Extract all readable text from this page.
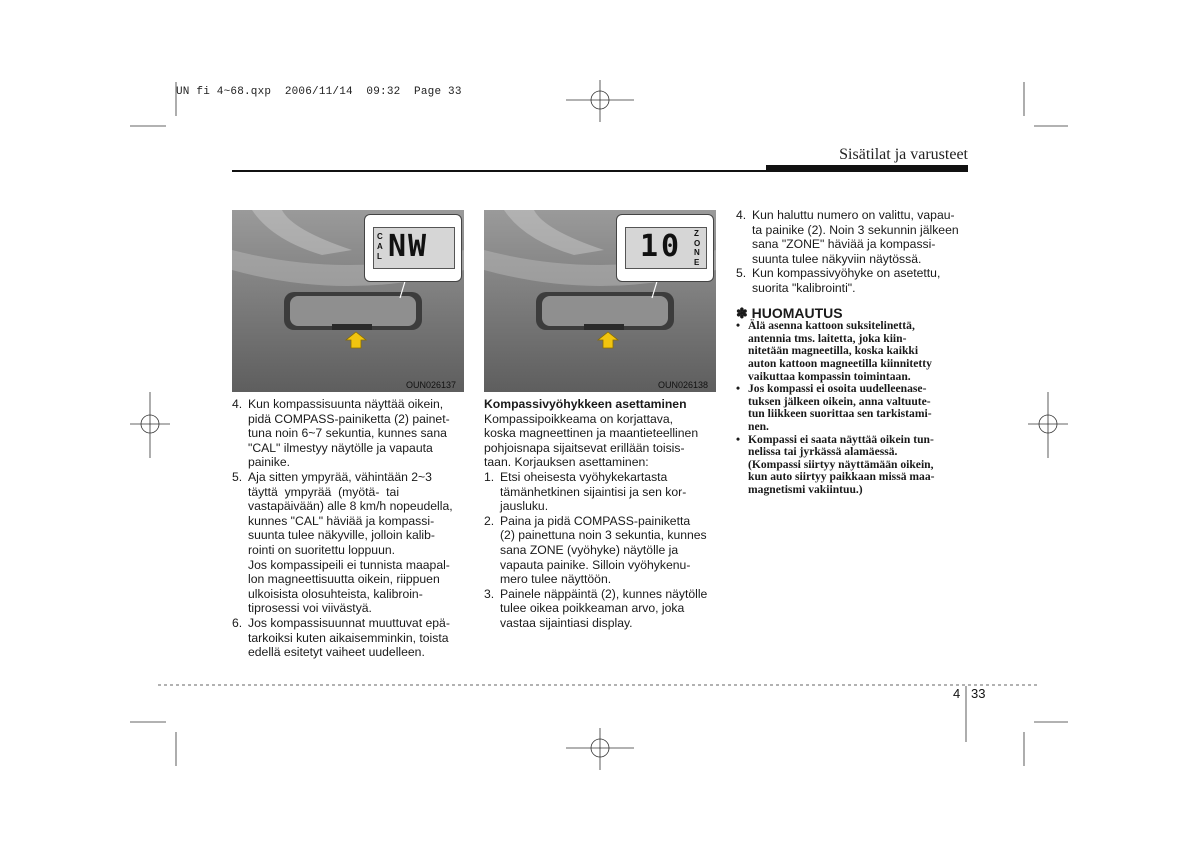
UN fi 4~68.qxp  2006/11/14  09:32  Page 33
Sisätilat ja varusteet
CAL NW
OUN026137
10 ZONE
OUN026138
4. Kun kompassisuunta näyttää oikein,
pidä COMPASS-painiketta (2) painet-
tuna noin 6~7 sekuntia, kunnes sana
"CAL" ilmestyy näytölle ja vapauta
painike.
5. Aja sitten ympyrää, vähintään 2~3
täyttä  ympyrää  (myötä-  tai
vastapäivään) alle 8 km/h nopeudella,
kunnes "CAL" häviää ja kompassi-
suunta tulee näkyville, jolloin kalib-
rointi on suoritettu loppuun.
Jos kompassipeili ei tunnista maapal-
lon magneettisuutta oikein, riippuen
ulkoisista olosuhteista, kalibroin-
tiprosessi voi viivästyä.
6. Jos kompassisuunnat muuttuvat epä-
tarkoiksi kuten aikaisemminkin, toista
edellä esitetyt vaiheet uudelleen.
Kompassivyöhykkeen asettaminen
Kompassipoikkeama on korjattava,
koska magneettinen ja maantieteellinen
pohjoisnapa sijaitsevat erillään toisis-
taan. Korjauksen asettaminen:
1. Etsi oheisesta vyöhykekartasta
tämänhetkinen sijaintisi ja sen kor-
jausluku.
2. Paina ja pidä COMPASS-painiketta
(2) painettuna noin 3 sekuntia, kunnes
sana ZONE (vyöhyke) näytölle ja
vapauta painike. Silloin vyöhykenu-
mero tulee näyttöön.
3. Painele näppäintä (2), kunnes näytölle
tulee oikea poikkeaman arvo, joka
vastaa sijaintiasi display.
4. Kun haluttu numero on valittu, vapau-
ta painike (2). Noin 3 sekunnin jälkeen
sana "ZONE" häviää ja kompassi-
suunta tulee näkyviin näytössä.
5. Kun kompassivyöhyke on asetettu,
suorita "kalibrointi".
✽ HUOMAUTUS
• Älä asenna kattoon suksitelinettä,
antennia tms. laitetta, joka kiin-
nitetään magneetilla, koska kaikki
auton kattoon magneetilla kiinnitetty
vaikuttaa kompassin toimintaan.
• Jos kompassi ei osoita uudelleenase-
tuksen jälkeen oikein, anna valtuute-
tun liikkeen suorittaa sen tarkistami-
nen.
• Kompassi ei saata näyttää oikein tun-
nelissa tai jyrkässä alamäessä.
(Kompassi siirtyy näyttämään oikein,
kun auto siirtyy paikkaan missä maa-
magnetismi vakiintuu.)
4 33
